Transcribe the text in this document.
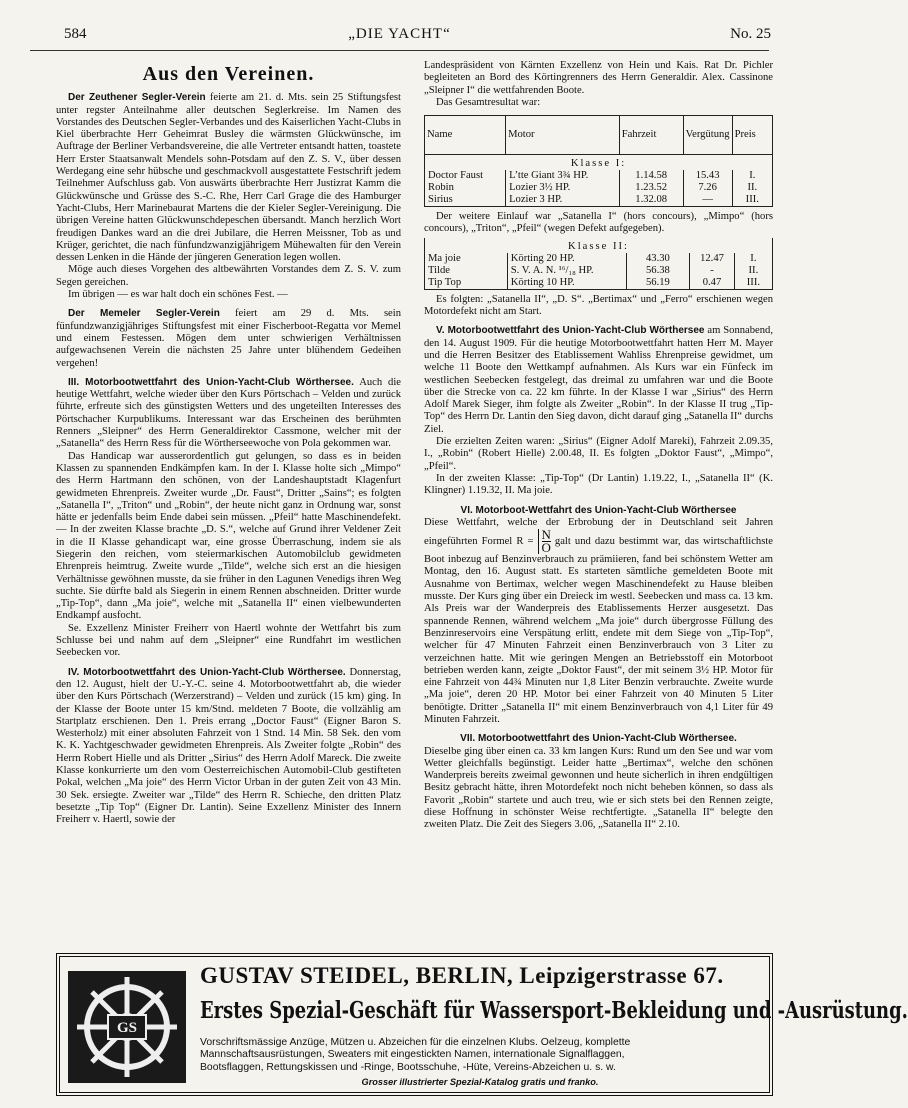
584	„DIE YACHT“	No. 25
Aus den Vereinen.

Der Zeuthener Segler-Verein feierte am 21. d. Mts. sein 25 Stiftungsfest unter regster Anteilnahme aller deutschen Seglerkreise. Im Namen des Vorstandes des Deutschen Segler-Verbandes und des Kaiserlichen Yacht-Clubs in Kiel überbrachte Herr Geheimrat Busley die wärmsten Glückwünsche, im Auftrage der Berliner Verbandsvereine, die alle Vertreter entsandt hatten, toastete Herr Erster Staatsanwalt Mendels sohn-Potsdam auf den Z. S. V., über dessen Werdegang eine sehr hübsche und geschmackvoll ausgestattete Festschrift jedem Teilnehmer Aufschluss gab. Von auswärts überbrachte Herr Justizrat Kamm die Glückwünsche und Grüsse des S.-C. Rhe, Herr Carl Grage die des Hamburger Yacht-Clubs, Herr Marinebaurat Martens die der Kieler Segler-Vereinigung. Die übrigen Vereine hatten Glückwunschdepeschen übersandt. Manch herzlich Wort freudigen Dankes ward an die drei Jubilare, die Herren Meissner, Tob as und Krüger, gerichtet, die nach fünfundzwanzigjährigem Mühewalten für den Verein dessen Lenken in die Hände der jüngeren Generation legen wollen.

Möge auch dieses Vorgehen des altbewährten Vorstandes dem Z. S. V. zum Segen gereichen.

Im übrigen — es war halt doch ein schönes Fest. —

Der Memeler Segler-Verein feiert am 29 d. Mts. sein fünfundzwanzigjähriges Stiftungsfest mit einer Fischerboot-Regatta vor Memel und einem Festessen. Mögen dem unter schwierigen Verhältnissen aufgewachsenen Verein die nächsten 25 Jahre unter blühendem Gedeihen vergehen!

III. Motorbootwettfahrt des Union-Yacht-Club Wörthersee. Auch die heutige Wettfahrt, welche wieder über den Kurs Pörtschach – Velden und zurück führte, erfreute sich des günstigsten Wetters und des ungeteilten Interesses des Pörtschacher Kurpublikums. Interessant war das Erscheinen des berühmten Renners „Sleipner“ des Herrn Generaldirektor Cassmone, welcher mit der „Satanella“ des Herrn Ress für die Wörtherseewoche von Pola gekommen war.

Das Handicap war ausserordentlich gut gelungen, so dass es in beiden Klassen zu spannenden Endkämpfen kam. In der I. Klasse holte sich „Mimpo“ des Herrn Hartmann den schönen, von der Landeshauptstadt Klagenfurt gewidmeten Ehrenpreis. Zweiter wurde „Dr. Faust“, Dritter „Sains“; es folgten „Satanella I“, „Triton“ und „Robin“, der heute nicht ganz in Ordnung war, sonst hätte er jedenfalls beim Ende dabei sein müssen. „Pfeil“ hatte Maschinendefekt. — In der zweiten Klasse brachte „D. S.“, welche auf Grund ihrer Veldener Zeit in die II Klasse gehandicapt war, eine grosse Überraschung, indem sie als Siegerin den reichen, vom steiermarkischen Automobilclub gewidmeten Ehrenpreis heimtrug. Zweite wurde „Tilde“, welche sich erst an die hiesigen Verhältnisse gewöhnen musste, da sie früher in den Lagunen Venedigs ihren Weg suchte. Sie dürfte bald als Siegerin in einem Rennen abschneiden. Dritter wurde „Tip-Top“, dann „Ma joie“, welche mit „Satanella II“ einen vielbewunderten Endkampf ausfocht.

Se. Exzellenz Minister Freiherr von Haertl wohnte der Wettfahrt bis zum Schlusse bei und nahm auf dem „Sleipner“ eine Rundfahrt im westlichen Seebecken vor.

IV. Motorbootwettfahrt des Union-Yacht-Club Wörthersee. Donnerstag, den 12. August, hielt der U.-Y.-C. seine 4. Motorbootwettfahrt ab, die wieder über den Kurs Pörtschach (Werzerstrand) – Velden und zurück (15 km) ging. In der Klasse der Boote unter 15 km/Stnd. meldeten 7 Boote, die vollzählig am Startplatz erschienen. Den 1. Preis errang „Doctor Faust“ (Eigner Baron S. Westerholz) mit einer absoluten Fahrzeit von 1 Stnd. 14 Min. 58 Sek. den vom K. K. Yachtgeschwader gewidmeten Ehrenpreis. Als Zweiter folgte „Robin“ des Herrn Robert Hielle und als Dritter „Sirius“ des Herrn Adolf Mareck. Die zweite Klasse konkurrierte um den vom Oesterreichischen Automobil-Club gestifteten Pokal, welchen „Ma joie“ des Herrn Victor Urban in der guten Zeit von 43 Min. 30 Sek. ersiegte. Zweiter war „Tilde“ des Herrn R. Schieche, den dritten Platz besetzte „Tip Top“ (Eigner Dr. Lantin). Seine Exzellenz Minister des Innern Freiherr v. Haertl, sowie der

Landespräsident von Kärnten Exzellenz von Hein und Kais. Rat Dr. Pichler begleiteten an Bord des Körtingrenners des Herrn Generaldir. Alex. Cassinone „Sleipner I“ die wettfahrenden Boote.

Das Gesamtresultat war:

Name	Motor	Fahrzeit	Vergütung	Preis
Klasse I:				
Doctor Faust	L’tte Giant 3¾ HP.	1.14.58	15.43	I.
Robin	Lozier 3½ HP.	1.23.52	7.26	II.
Sirius	Lozier 3 HP.	1.32.08	—	III.

Der weitere Einlauf war „Satanella I“ (hors concours), „Mimpo“ (hors concours), „Triton“, „Pfeil“ (wegen Defekt aufgegeben).

Klasse II:				
Ma joie	Körting 20 HP.	43.30	12.47	I.
Tilde	S. V. A. N. ¹⁶/₁₈ HP.	56.38	-	II.
Tip Top	Körting 10 HP.	56.19	0.47	III.

Es folgten: „Satanella II“, „D. S“. „Bertimax“ und „Ferro“ erschienen wegen Motordefekt nicht am Start.

V. Motorbootwettfahrt des Union-Yacht-Club Wörthersee am Sonnabend, den 14. August 1909. Für die heutige Motorbootwettfahrt hatten Herr M. Mayer und die Herren Besitzer des Etablissement Wahliss Ehrenpreise gewidmet, um welche 11 Boote den Wettkampf aufnahmen. Als Kurs war ein Fünfeck im westlichen Seebecken festgelegt, das dreimal zu umfahren war und die Boote über die Strecke von ca. 22 km führte. In der Klasse I war „Sirius“ des Herrn Adolf Marek Sieger, ihm folgte als Zweiter „Robin“. In der Klasse II trug „Tip-Top“ des Herrn Dr. Lantin den Sieg davon, dicht darauf ging „Satanella II“ durchs Ziel.

Die erzielten Zeiten waren: „Sirius“ (Eigner Adolf Mareki), Fahrzeit 2.09.35, I., „Robin“ (Robert Hielle) 2.00.48, II. Es folgten „Doktor Faust“, „Mimpo“, „Pfeil“.

In der zweiten Klasse: „Tip-Top“ (Dr Lantin) 1.19.22, I., „Satanella II“ (K. Klingner) 1.19.32, II. Ma joie.

VI. Motorboot-Wettfahrt des Union-Yacht-Club Wörthersee

Diese Wettfahrt, welche der Erbrobung der in Deutschland seit Jahren eingeführten Formel $R = \frac{N}{O}$ galt und dazu bestimmt war, das wirtschaftlichste Boot inbezug auf Benzinverbrauch zu prämiieren, fand bei schönstem Wetter am Montag, den 16. August statt. Es starteten sämtliche gemeldeten Boote mit Ausnahme von Bertimax, welcher wegen Maschinendefekt zu Hause bleiben musste. Der Kurs ging über ein Dreieck im westl. Seebecken und mass ca. 13 km. Als Preis war der Wanderpreis des Etablissements Herzer ausgesetzt. Das spannende Rennen, während welchem „Ma joie“ durch übergrosse Füllung des Benzinreservoirs eine Verspätung erlitt, endete mit dem Siege von „Tip-Top“, welcher für 47 Minuten Fahrzeit einen Benzinverbrauch von 3 Liter zu verzeichnen hatte. Mit wie geringen Mengen an Betriebsstoff ein Motorboot betrieben werden kann, zeigte „Doktor Faust“, der mit seinem 3½ HP. Motor für eine Fahrzeit von 44¾ Minuten nur 1,8 Liter Benzin verbrauchte. Zweite wurde „Ma joie“, deren 20 HP. Motor bei einer Fahrzeit von 40 Minuten 5 Liter benötigte. Dritter „Satanella II“ mit einem Benzinverbrauch von 4,1 Liter für 49 Minuten Fahrzeit.

VII. Motorbootwettfahrt des Union-Yacht-Club Wörthersee.

Dieselbe ging über einen ca. 33 km langen Kurs: Rund um den See und war vom Wetter gleichfalls begünstigt. Leider hatte „Bertimax“, welche den schönen Wanderpreis bereits zweimal gewonnen und heute sicherlich in ihren endgültigen Besitz gebracht hätte, ihren Motordefekt noch nicht beheben können, so dass als Favorit „Robin“ startete und auch treu, wie er sich stets bei den Rennen zeigte, diese Hoffnung in schönster Weise rechtfertigte. „Satanella II“ belegte den zweiten Platz. Die Zeit des Siegers 3.06, „Satanella II“ 2.10.

GS
GUSTAV STEIDEL, BERLIN, Leipzigerstrasse 67.
Erstes Spezial-Geschäft für Wassersport-Bekleidung und -Ausrüstung.
Vorschriftsmässige Anzüge, Mützen u. Abzeichen für die einzelnen Klubs. Oelzeug, komplette
Mannschaftsausrüstungen, Sweaters mit eingestickten Namen, internationale Signalflaggen,
Bootsflaggen, Rettungskissen und -Ringe, Bootsschuhe, -Hüte, Vereins-Abzeichen u. s. w.
Grosser illustrierter Spezial-Katalog gratis und franko.
